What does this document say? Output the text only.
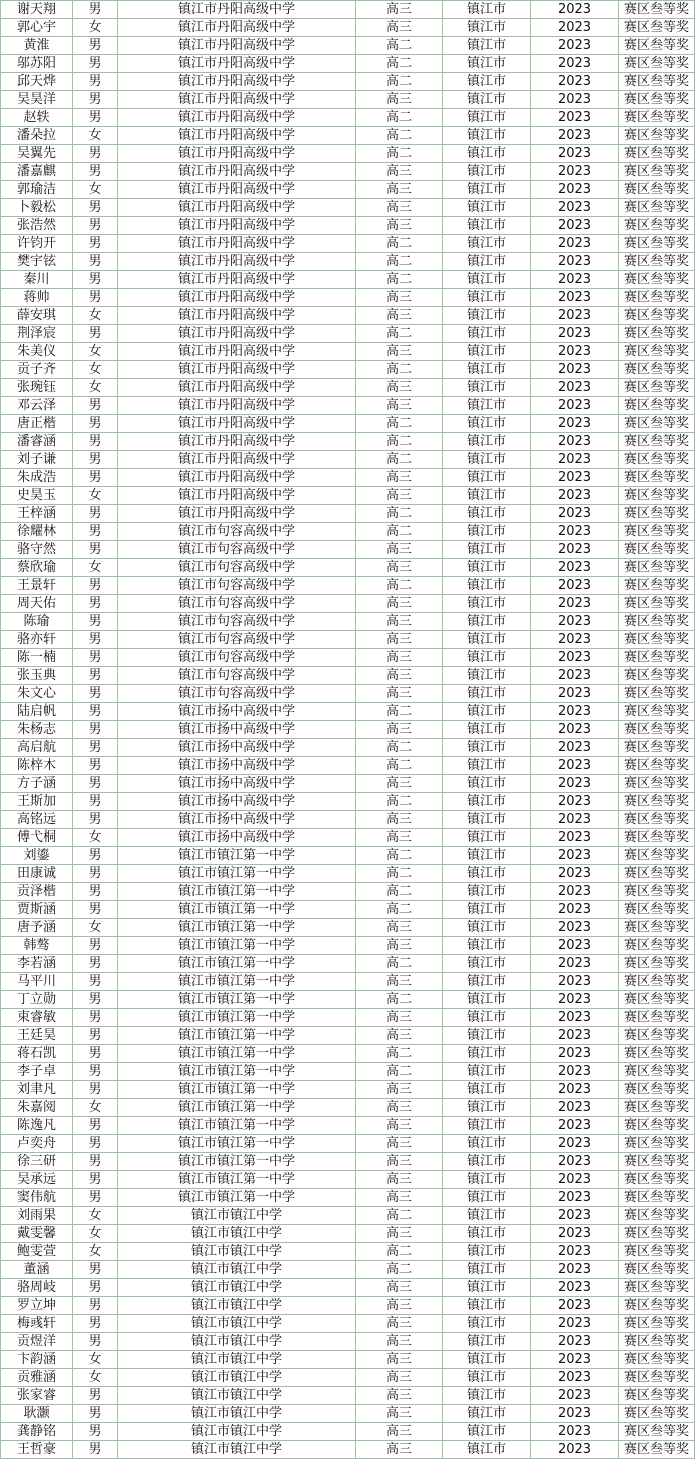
谢天翔	男	镇江市丹阳高级中学	高三	镇江市	2023	赛区叁等奖
郭心宇	女	镇江市丹阳高级中学	高三	镇江市	2023	赛区叁等奖
黄淮	男	镇江市丹阳高级中学	高二	镇江市	2023	赛区叁等奖
邬苏阳	男	镇江市丹阳高级中学	高二	镇江市	2023	赛区叁等奖
邱天烨	男	镇江市丹阳高级中学	高二	镇江市	2023	赛区叁等奖
吴昊洋	男	镇江市丹阳高级中学	高三	镇江市	2023	赛区叁等奖
赵轶	男	镇江市丹阳高级中学	高二	镇江市	2023	赛区叁等奖
潘朵拉	女	镇江市丹阳高级中学	高二	镇江市	2023	赛区叁等奖
吴翼先	男	镇江市丹阳高级中学	高二	镇江市	2023	赛区叁等奖
潘嘉麒	男	镇江市丹阳高级中学	高三	镇江市	2023	赛区叁等奖
郭瑜洁	女	镇江市丹阳高级中学	高三	镇江市	2023	赛区叁等奖
卜毅松	男	镇江市丹阳高级中学	高三	镇江市	2023	赛区叁等奖
张浩然	男	镇江市丹阳高级中学	高三	镇江市	2023	赛区叁等奖
许钧开	男	镇江市丹阳高级中学	高二	镇江市	2023	赛区叁等奖
樊宇铉	男	镇江市丹阳高级中学	高二	镇江市	2023	赛区叁等奖
秦川	男	镇江市丹阳高级中学	高二	镇江市	2023	赛区叁等奖
蒋帅	男	镇江市丹阳高级中学	高三	镇江市	2023	赛区叁等奖
薛安琪	女	镇江市丹阳高级中学	高三	镇江市	2023	赛区叁等奖
荆泽宸	男	镇江市丹阳高级中学	高二	镇江市	2023	赛区叁等奖
朱美仪	女	镇江市丹阳高级中学	高三	镇江市	2023	赛区叁等奖
贡子齐	女	镇江市丹阳高级中学	高二	镇江市	2023	赛区叁等奖
张琬钰	女	镇江市丹阳高级中学	高三	镇江市	2023	赛区叁等奖
邓云泽	男	镇江市丹阳高级中学	高三	镇江市	2023	赛区叁等奖
唐正楷	男	镇江市丹阳高级中学	高二	镇江市	2023	赛区叁等奖
潘睿涵	男	镇江市丹阳高级中学	高二	镇江市	2023	赛区叁等奖
刘子谦	男	镇江市丹阳高级中学	高二	镇江市	2023	赛区叁等奖
朱成浩	男	镇江市丹阳高级中学	高三	镇江市	2023	赛区叁等奖
史昊玉	女	镇江市丹阳高级中学	高三	镇江市	2023	赛区叁等奖
王梓涵	男	镇江市丹阳高级中学	高二	镇江市	2023	赛区叁等奖
徐耀林	男	镇江市句容高级中学	高二	镇江市	2023	赛区叁等奖
骆守然	男	镇江市句容高级中学	高三	镇江市	2023	赛区叁等奖
蔡欣瑜	女	镇江市句容高级中学	高三	镇江市	2023	赛区叁等奖
王景轩	男	镇江市句容高级中学	高二	镇江市	2023	赛区叁等奖
周天佑	男	镇江市句容高级中学	高三	镇江市	2023	赛区叁等奖
陈瑜	男	镇江市句容高级中学	高三	镇江市	2023	赛区叁等奖
骆亦轩	男	镇江市句容高级中学	高三	镇江市	2023	赛区叁等奖
陈一楠	男	镇江市句容高级中学	高三	镇江市	2023	赛区叁等奖
张玉典	男	镇江市句容高级中学	高三	镇江市	2023	赛区叁等奖
朱文心	男	镇江市句容高级中学	高三	镇江市	2023	赛区叁等奖
陆启帆	男	镇江市扬中高级中学	高二	镇江市	2023	赛区叁等奖
朱杨志	男	镇江市扬中高级中学	高三	镇江市	2023	赛区叁等奖
高启航	男	镇江市扬中高级中学	高二	镇江市	2023	赛区叁等奖
陈梓木	男	镇江市扬中高级中学	高二	镇江市	2023	赛区叁等奖
方子涵	男	镇江市扬中高级中学	高三	镇江市	2023	赛区叁等奖
王斯加	男	镇江市扬中高级中学	高二	镇江市	2023	赛区叁等奖
高铭远	男	镇江市扬中高级中学	高三	镇江市	2023	赛区叁等奖
傅弋桐	女	镇江市扬中高级中学	高三	镇江市	2023	赛区叁等奖
刘鎏	男	镇江市镇江第一中学	高二	镇江市	2023	赛区叁等奖
田康诚	男	镇江市镇江第一中学	高二	镇江市	2023	赛区叁等奖
贡泽楷	男	镇江市镇江第一中学	高二	镇江市	2023	赛区叁等奖
贾斯涵	男	镇江市镇江第一中学	高二	镇江市	2023	赛区叁等奖
唐予涵	女	镇江市镇江第一中学	高三	镇江市	2023	赛区叁等奖
韩骜	男	镇江市镇江第一中学	高三	镇江市	2023	赛区叁等奖
李若涵	男	镇江市镇江第一中学	高二	镇江市	2023	赛区叁等奖
马平川	男	镇江市镇江第一中学	高三	镇江市	2023	赛区叁等奖
丁立勋	男	镇江市镇江第一中学	高二	镇江市	2023	赛区叁等奖
束睿敏	男	镇江市镇江第一中学	高三	镇江市	2023	赛区叁等奖
王廷昊	男	镇江市镇江第一中学	高三	镇江市	2023	赛区叁等奖
蒋石凯	男	镇江市镇江第一中学	高二	镇江市	2023	赛区叁等奖
李子卓	男	镇江市镇江第一中学	高二	镇江市	2023	赛区叁等奖
刘聿凡	男	镇江市镇江第一中学	高三	镇江市	2023	赛区叁等奖
朱嘉阅	女	镇江市镇江第一中学	高三	镇江市	2023	赛区叁等奖
陈逸凡	男	镇江市镇江第一中学	高三	镇江市	2023	赛区叁等奖
卢奕舟	男	镇江市镇江第一中学	高三	镇江市	2023	赛区叁等奖
徐三研	男	镇江市镇江第一中学	高三	镇江市	2023	赛区叁等奖
吴承远	男	镇江市镇江第一中学	高三	镇江市	2023	赛区叁等奖
窦伟航	男	镇江市镇江第一中学	高三	镇江市	2023	赛区叁等奖
刘雨果	女	镇江市镇江中学	高二	镇江市	2023	赛区叁等奖
戴雯馨	女	镇江市镇江中学	高三	镇江市	2023	赛区叁等奖
鲍雯萱	女	镇江市镇江中学	高二	镇江市	2023	赛区叁等奖
董涵	男	镇江市镇江中学	高二	镇江市	2023	赛区叁等奖
骆周岐	男	镇江市镇江中学	高三	镇江市	2023	赛区叁等奖
罗立坤	男	镇江市镇江中学	高三	镇江市	2023	赛区叁等奖
梅彧轩	男	镇江市镇江中学	高三	镇江市	2023	赛区叁等奖
贡煜洋	男	镇江市镇江中学	高三	镇江市	2023	赛区叁等奖
卞韵涵	女	镇江市镇江中学	高三	镇江市	2023	赛区叁等奖
贡雅涵	女	镇江市镇江中学	高三	镇江市	2023	赛区叁等奖
张家睿	男	镇江市镇江中学	高三	镇江市	2023	赛区叁等奖
耿灏	男	镇江市镇江中学	高三	镇江市	2023	赛区叁等奖
龚静铭	男	镇江市镇江中学	高三	镇江市	2023	赛区叁等奖
王哲豪	男	镇江市镇江中学	高三	镇江市	2023	赛区叁等奖
